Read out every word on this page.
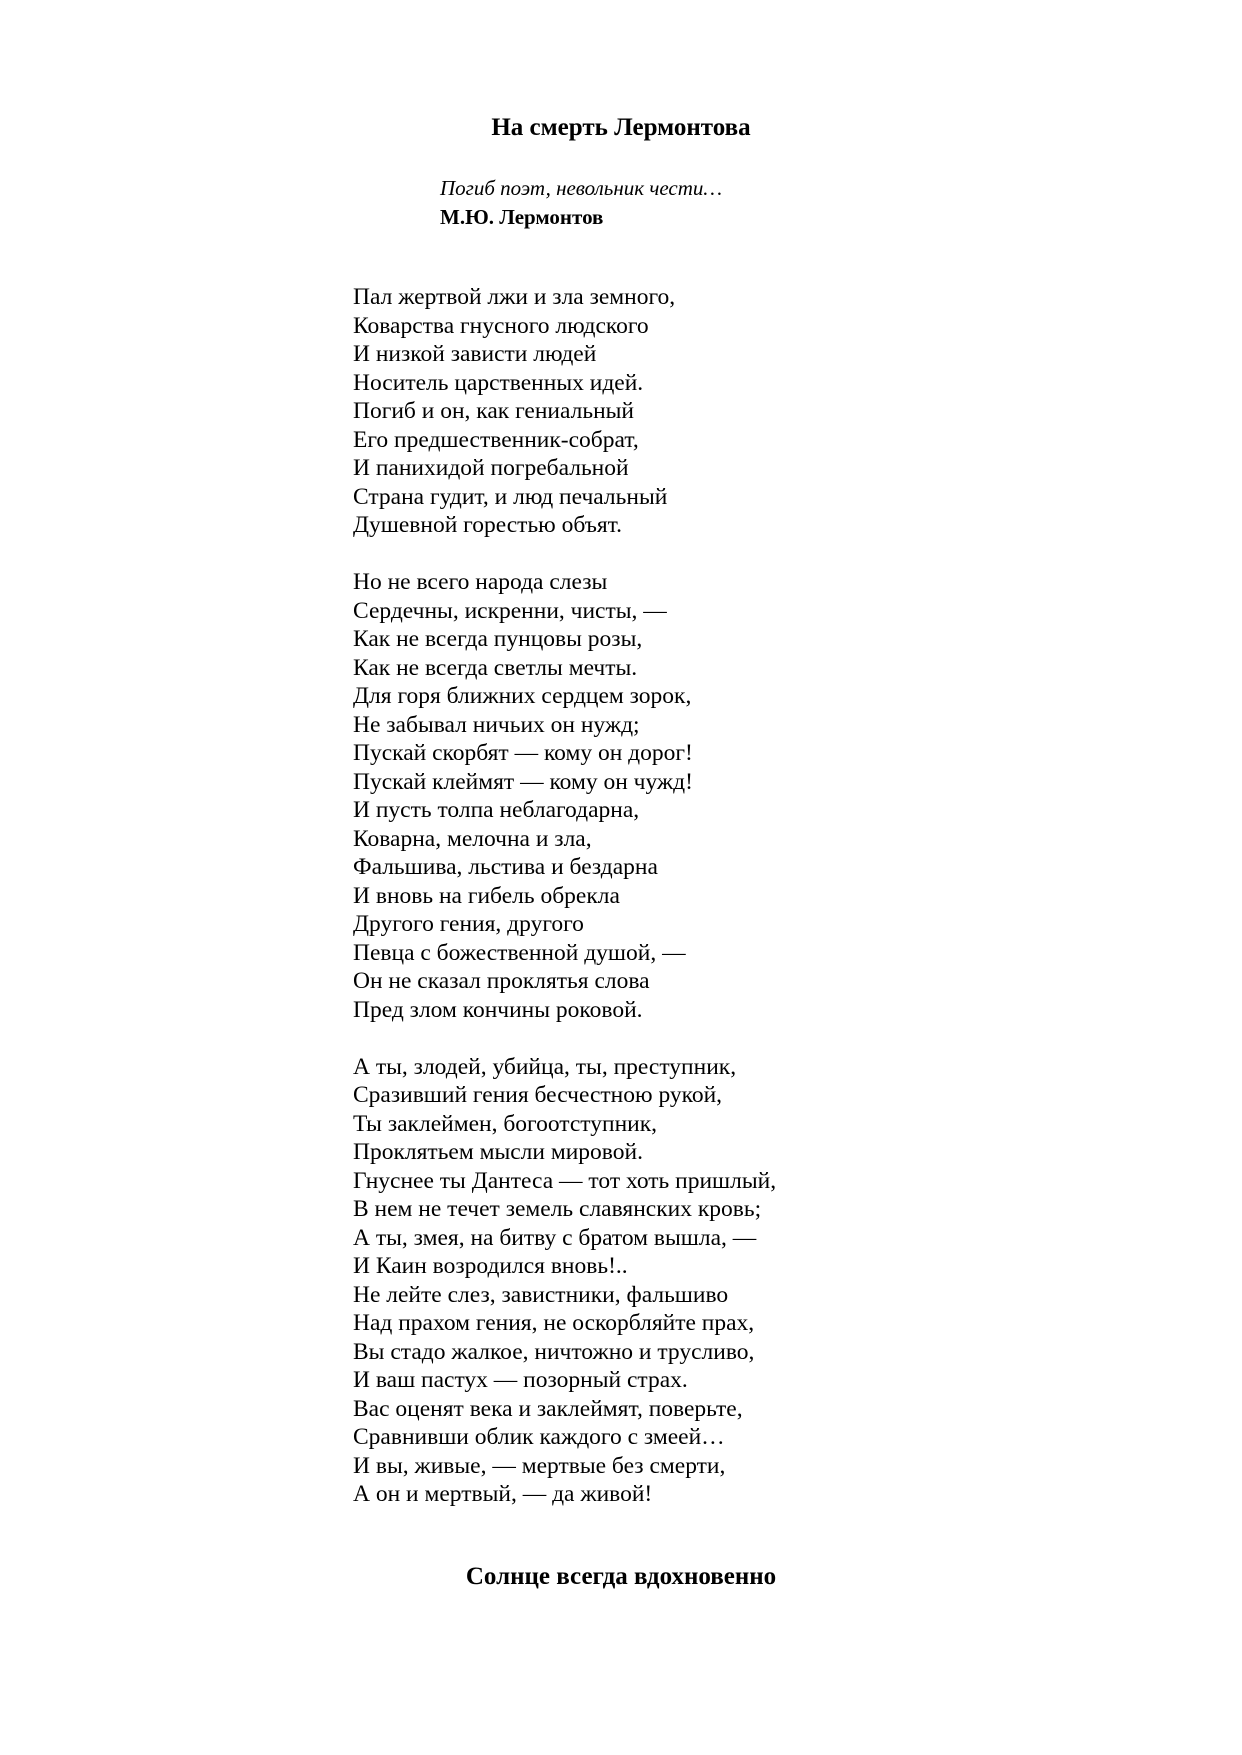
На смерть Лермонтова
Погиб поэт, невольник чести…
М.Ю. Лермонтов
Пал жертвой лжи и зла земного,
Коварства гнусного людского
И низкой зависти людей
Носитель царственных идей.
Погиб и он, как гениальный
Его предшественник-собрат,
И панихидой погребальной
Страна гудит, и люд печальный
Душевной горестью объят.
Но не всего народа слезы
Сердечны, искренни, чисты, —
Как не всегда пунцовы розы,
Как не всегда светлы мечты.
Для горя ближних сердцем зорок,
Не забывал ничьих он нужд;
Пускай скорбят — кому он дорог!
Пускай клеймят — кому он чужд!
И пусть толпа неблагодарна,
Коварна, мелочна и зла,
Фальшива, льстива и бездарна
И вновь на гибель обрекла
Другого гения, другого
Певца с божественной душой, —
Он не сказал проклятья слова
Пред злом кончины роковой.
А ты, злодей, убийца, ты, преступник,
Сразивший гения бесчестною рукой,
Ты заклеймен, богоотступник,
Проклятьем мысли мировой.
Гнуснее ты Дантеса — тот хоть пришлый,
В нем не течет земель славянских кровь;
А ты, змея, на битву с братом вышла, —
И Каин возродился вновь!..
Не лейте слез, завистники, фальшиво
Над прахом гения, не оскорбляйте прах,
Вы стадо жалкое, ничтожно и трусливо,
И ваш пастух — позорный страх.
Вас оценят века и заклеймят, поверьте,
Сравнивши облик каждого с змеей…
И вы, живые, — мертвые без смерти,
А он и мертвый, — да живой!
Солнце всегда вдохновенно
